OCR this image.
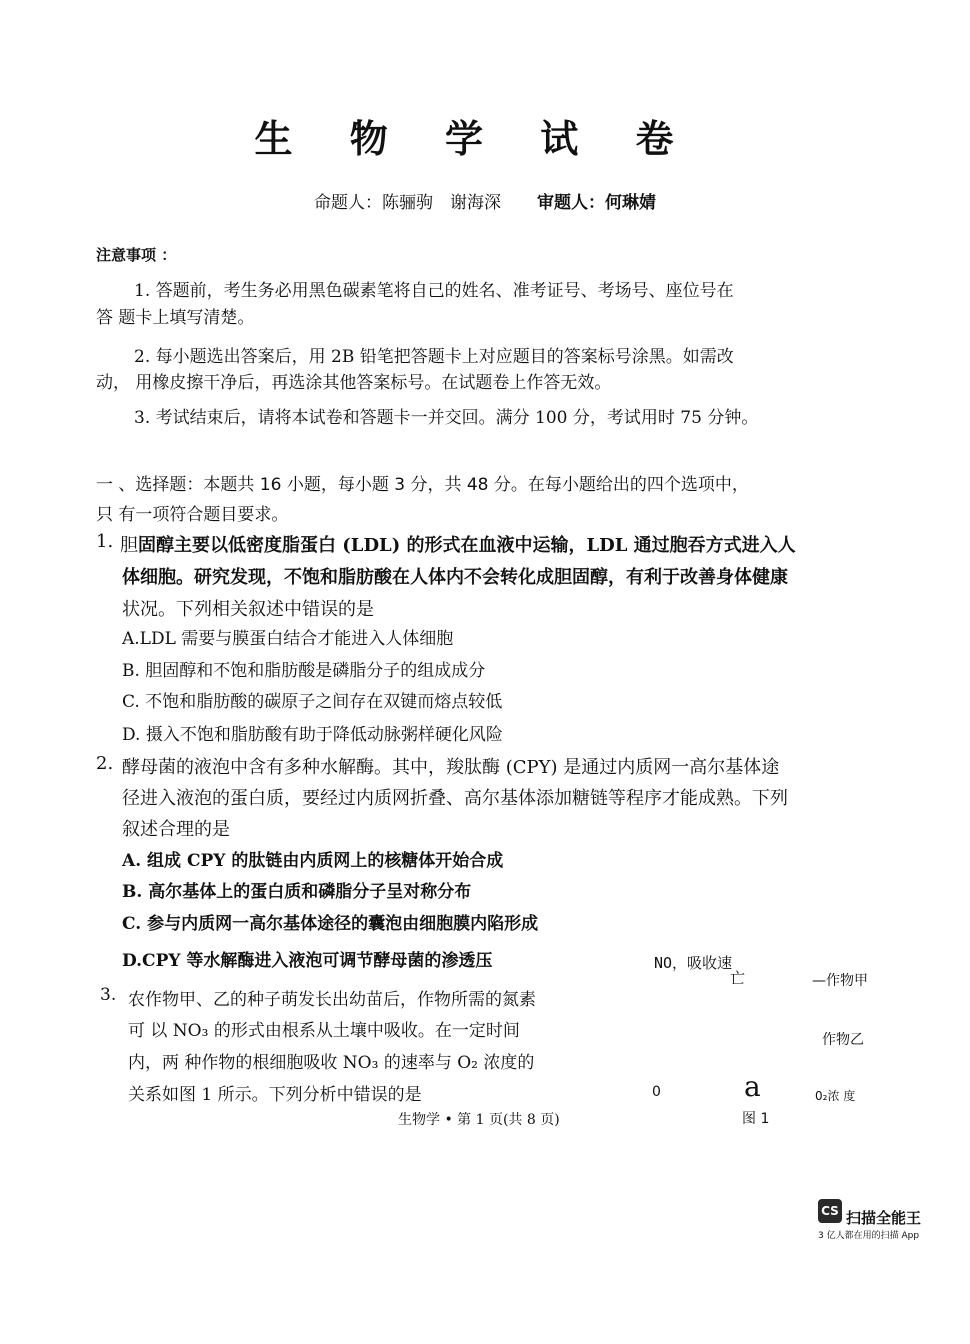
生 物 学 试 卷
命题人：陈骊驹　谢海深 审题人：何琳婧
注意事项 ：
1. 答题前，考生务必用黑色碳素笔将自己的姓名、准考证号、考场号、座位号在
答 题卡上填写清楚。
2. 每小题选出答案后，用 2B 铅笔把答题卡上对应题目的答案标号涂黑。如需改
动， 用橡皮擦干净后，再选涂其他答案标号。在试题卷上作答无效。
3. 考试结束后，请将本试卷和答题卡一并交回。满分 100 分，考试用时 75 分钟。
一 、选择题：本题共 16 小题，每小题 3 分，共 48 分。在每小题给出的四个选项中，
只 有一项符合题目要求。
1. 胆固醇主要以低密度脂蛋白 (LDL) 的形式在血液中运输，LDL 通过胞吞方式进入人
体细胞。研究发现，不饱和脂肪酸在人体内不会转化成胆固醇，有利于改善身体健康
状况。下列相关叙述中错误的是
A.LDL 需要与膜蛋白结合才能进入人体细胞
B. 胆固醇和不饱和脂肪酸是磷脂分子的组成成分
C. 不饱和脂肪酸的碳原子之间存在双键而熔点较低
D. 摄入不饱和脂肪酸有助于降低动脉粥样硬化风险
2. 酵母菌的液泡中含有多种水解酶。其中，羧肽酶 (CPY) 是通过内质网一高尔基体途
径进入液泡的蛋白质，要经过内质网折叠、高尔基体添加糖链等程序才能成熟。下列
叙述合理的是
A. 组成 CPY 的肽链由内质网上的核糖体开始合成
B. 高尔基体上的蛋白质和磷脂分子呈对称分布
C. 参与内质网一高尔基体途径的囊泡由细胞膜内陷形成
D.CPY 等水解酶进入液泡可调节酵母菌的渗透压
3. 农作物甲、乙的种子萌发长出幼苗后，作物所需的氮素
可 以 NO₃ 的形式由根系从土壤中吸收。在一定时间
内，两 种作物的根细胞吸收 NO₃ 的速率与 O₂ 浓度的
关系如图 1 所示。下列分析中错误的是
NO，吸收速
亡	—作物甲
作物乙
0	a	0₂浓 度
图 1
生物学 • 第 1 页(共 8 页)
CS 扫描全能王
3 亿人都在用的扫描 App
